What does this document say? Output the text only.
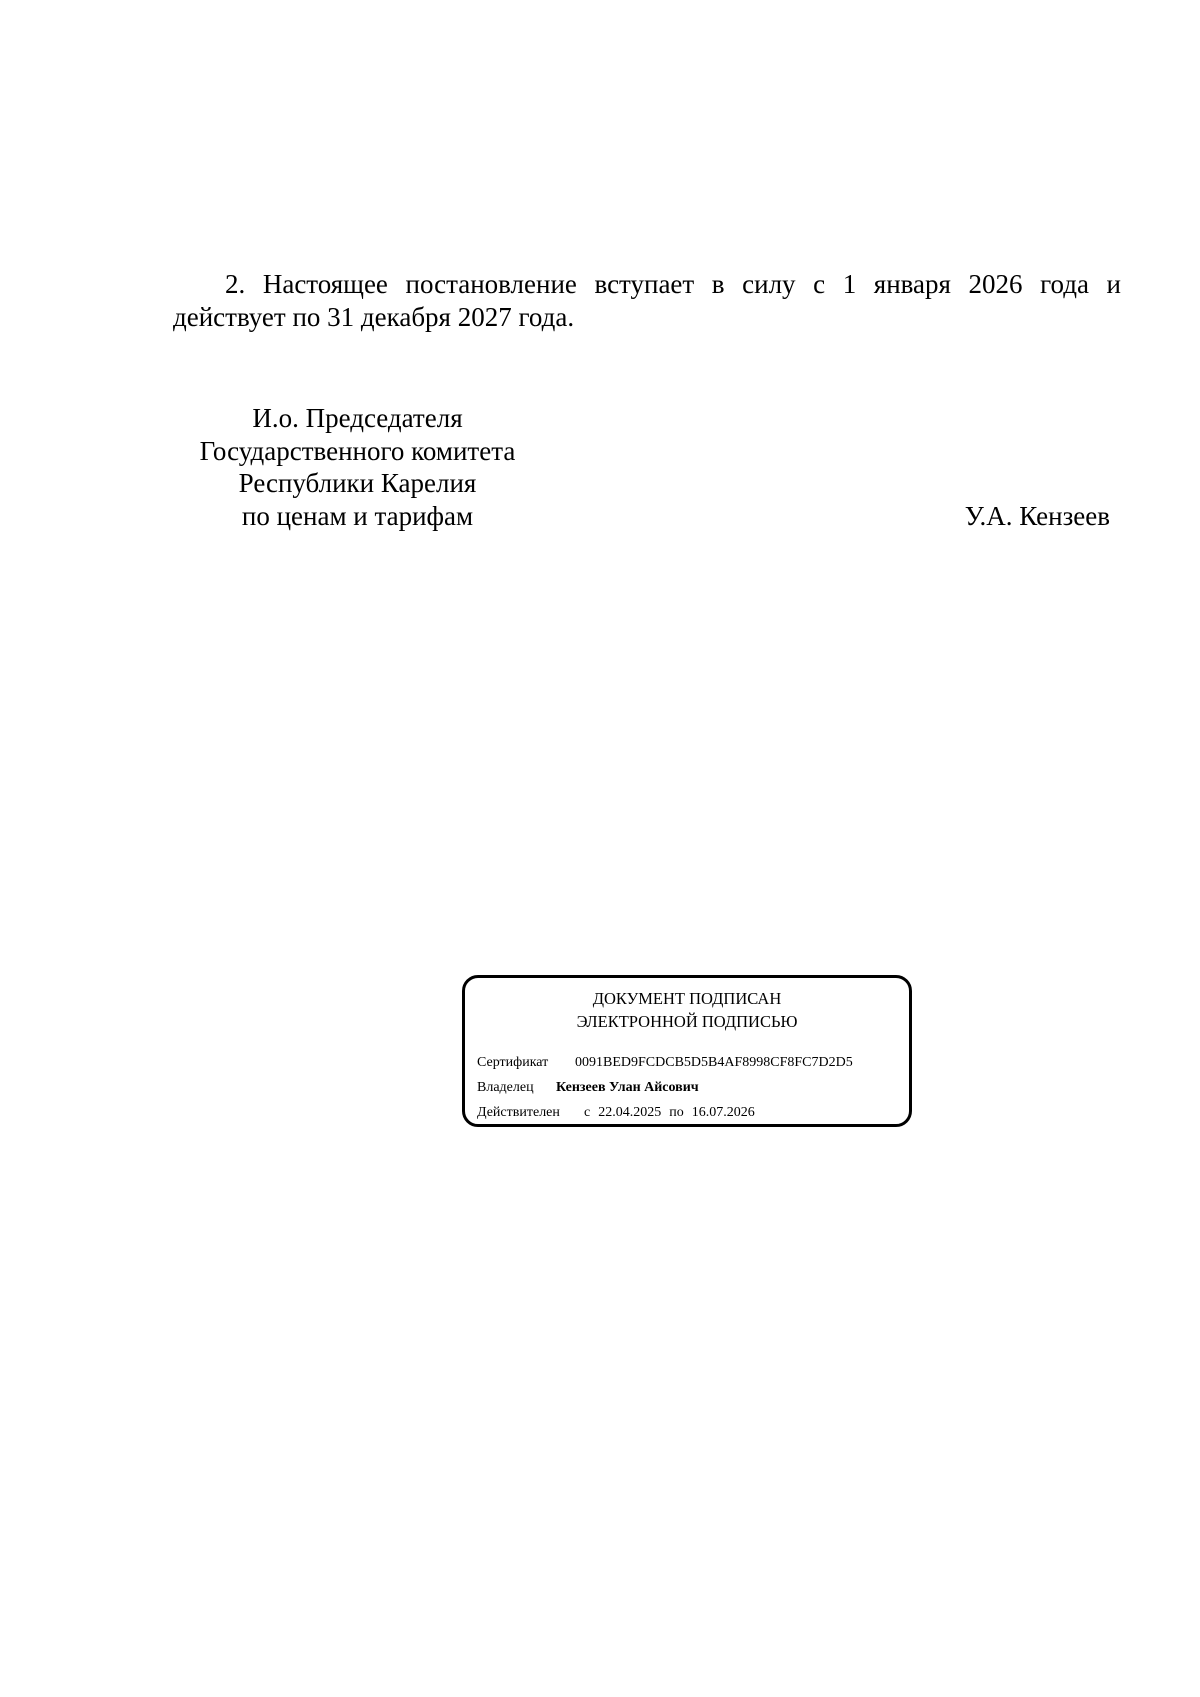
2. Настоящее постановление вступает в силу с 1 января 2026 года и действует по 31 декабря 2027 года.

И.о. Председателя
Государственного комитета
Республики Карелия
по ценам и тарифам	У.А. Кензеев
ДОКУМЕНТ ПОДПИСАН
ЭЛЕКТРОННОЙ ПОДПИСЬЮ
Сертификат 0091BED9FCDCB5D5B4AF8998CF8FC7D2D5
Владелец Кензеев Улан Айсович
Действителен с 22.04.2025 по 16.07.2026
